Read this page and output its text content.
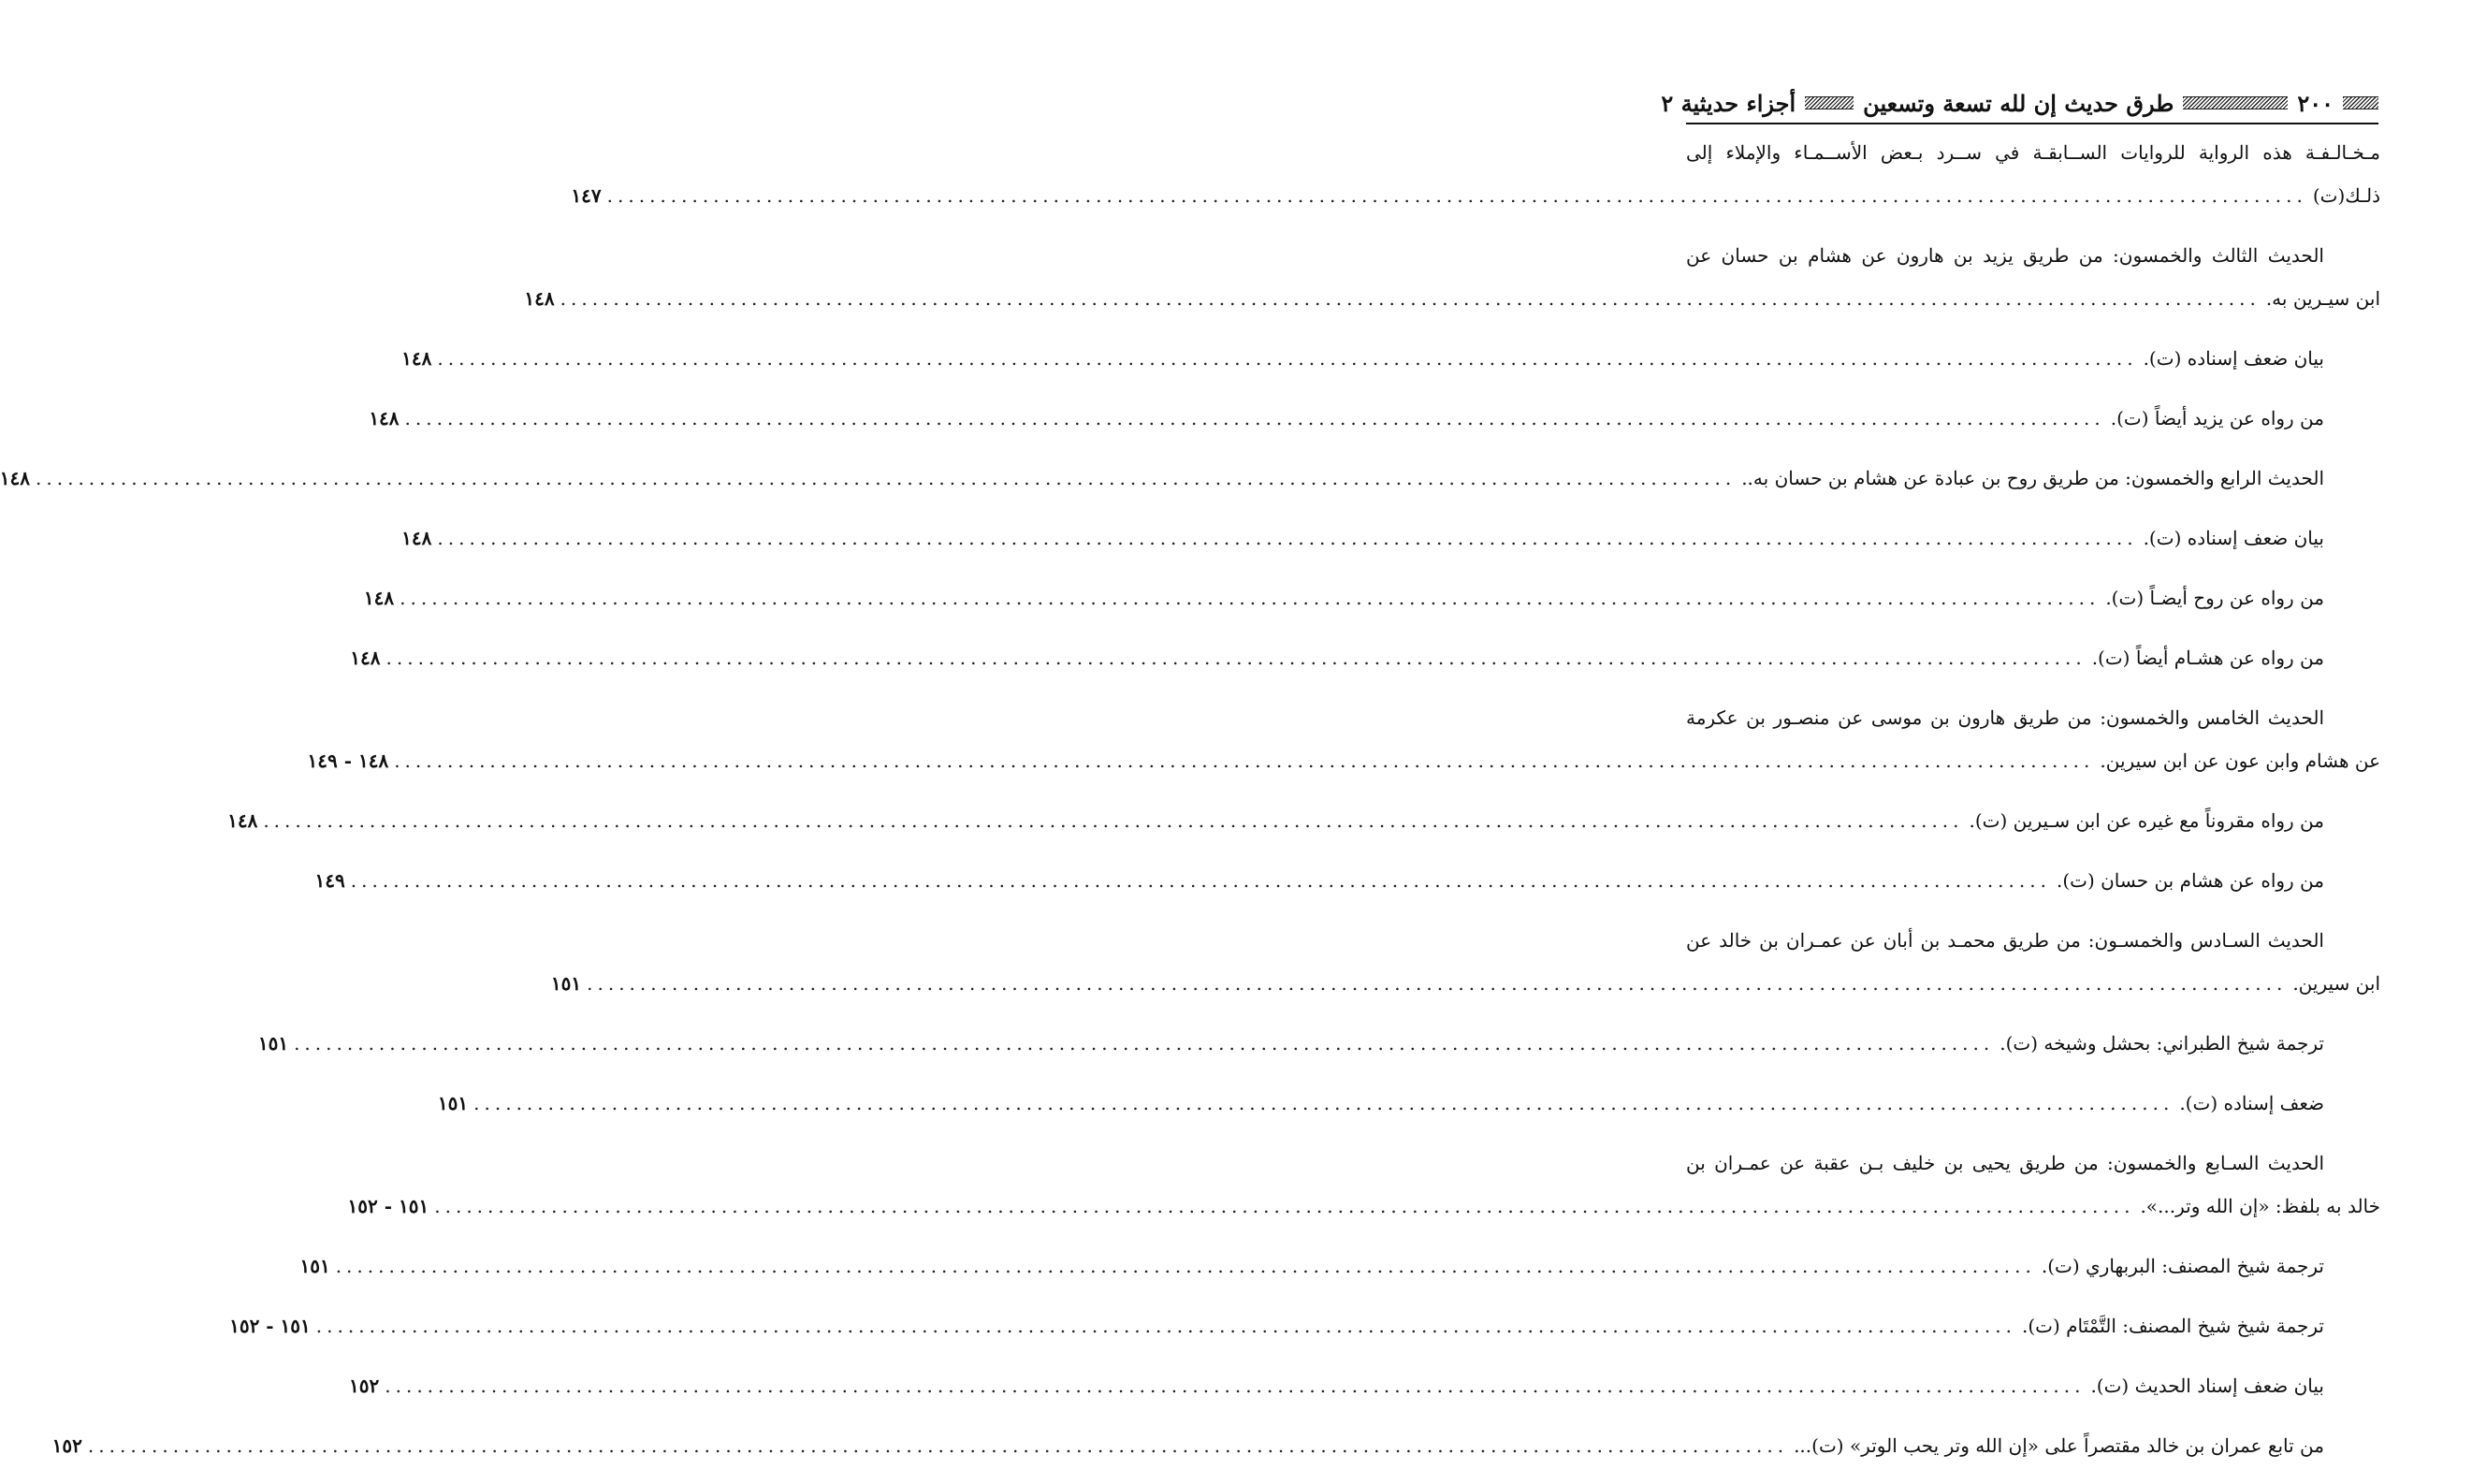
٢٠٠
طرق حديث إن لله تسعة وتسعين
أجزاء حديثية ٢
مـخـالـفـة هذه الرواية للروايات الســابقـة في ســرد بـعض الأســمـاء والإملاء إلى
ذلـك(ت)
................................................................................................................................................................
١٤٧
الحديث الثالث والخمسون: من طريق يزيد بن هارون عن هشام بن حسان عن
ابن سيـرين به.
................................................................................................................................................................
١٤٨
بيان ضعف إسناده (ت).
................................................................................................................................................................
١٤٨
من رواه عن يزيد أيضاً (ت).
................................................................................................................................................................
١٤٨
الحديث الرابع والخمسون: من طريق روح بن عبادة عن هشام بن حسان به..
................................................................................................................................................................
١٤٨
بيان ضعف إسناده (ت).
................................................................................................................................................................
١٤٨
من رواه عن روح أيضـاً (ت).
................................................................................................................................................................
١٤٨
من رواه عن هشـام أيضاً (ت).
................................................................................................................................................................
١٤٨
الحديث الخامس والخمسون: من طريق هارون بن موسى عن منصـور بن عكرمة
عن هشام وابن عون عن ابن سيرين.
................................................................................................................................................................
١٤٨ - ١٤٩
من رواه مقروناً مع غيره عن ابن سـيرين (ت).
................................................................................................................................................................
١٤٨
من رواه عن هشام بن حسان (ت).
................................................................................................................................................................
١٤٩
الحديث السـادس والخمسـون: من طريق محمـد بن أبان عن عمـران بن خالد عن
ابن سيرين.
................................................................................................................................................................
١٥١
ترجمة شيخ الطبراني: بحشل وشيخه (ت).
................................................................................................................................................................
١٥١
ضعف إسناده (ت).
................................................................................................................................................................
١٥١
الحديث السـابع والخمسون: من طريق يحيى بن خليف بـن عقبة عن عمـران بن
خالد به بلفظ: «إن الله وتر...».
................................................................................................................................................................
١٥١ - ١٥٢
ترجمة شيخ المصنف: البربهاري (ت).
................................................................................................................................................................
١٥١
ترجمة شيخ شيخ المصنف: التَّمْتَام (ت).
................................................................................................................................................................
١٥١ - ١٥٢
بيان ضعف إسناد الحديث (ت).
................................................................................................................................................................
١٥٢
من تابع عمران بن خالد مقتصراً على «إن الله وتر يحب الوتر» (ت)...
................................................................................................................................................................
١٥٢
